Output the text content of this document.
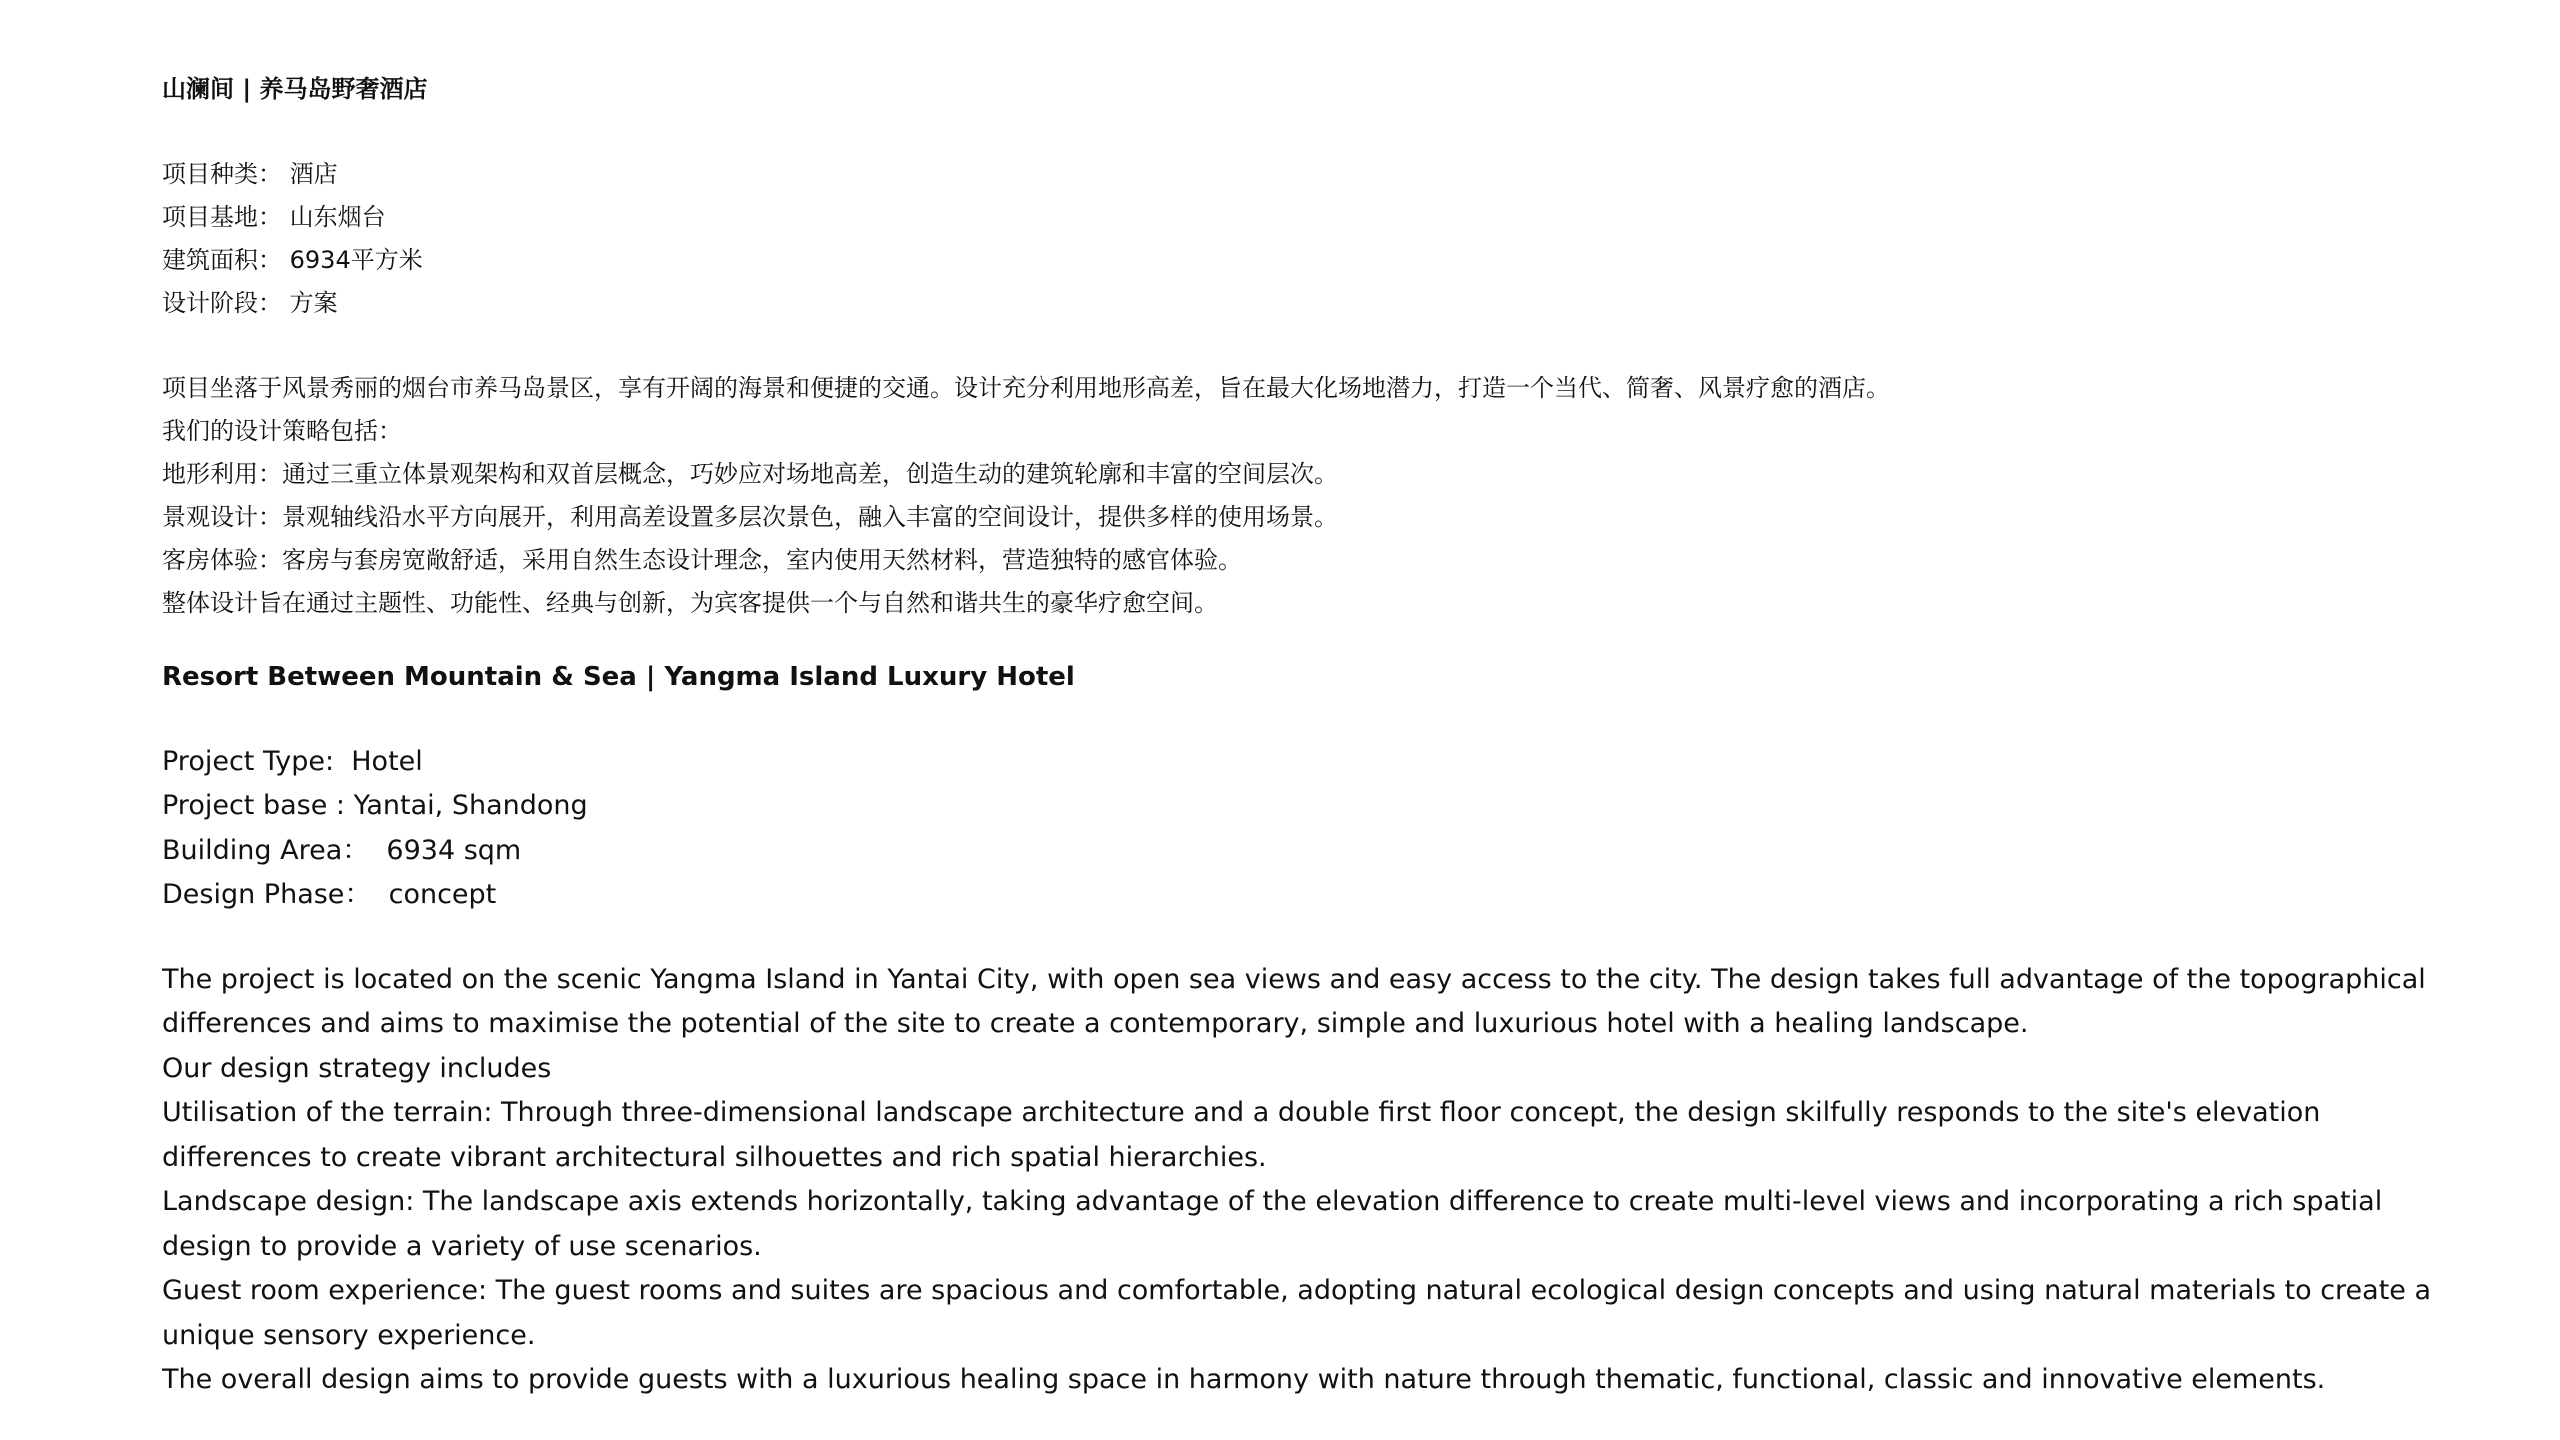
山澜间 | 养马岛野奢酒店

项目种类： 酒店
项目基地： 山东烟台
建筑面积： 6934平方米
设计阶段： 方案
项目坐落于风景秀丽的烟台市养马岛景区，享有开阔的海景和便捷的交通。设计充分利用地形高差，旨在最大化场地潜力，打造一个当代、简奢、风景疗愈的酒店。
我们的设计策略包括：
地形利用：通过三重立体景观架构和双首层概念，巧妙应对场地高差，创造生动的建筑轮廓和丰富的空间层次。
景观设计：景观轴线沿水平方向展开，利用高差设置多层次景色，融入丰富的空间设计，提供多样的使用场景。
客房体验：客房与套房宽敞舒适，采用自然生态设计理念，室内使用天然材料，营造独特的感官体验。
整体设计旨在通过主题性、功能性、经典与创新，为宾客提供一个与自然和谐共生的豪华疗愈空间。

Resort Between Mountain & Sea | Yangma Island Luxury Hotel

Project Type:  Hotel
Project base : Yantai, Shandong
Building Area：  6934 sqm
Design Phase：  concept
The project is located on the scenic Yangma Island in Yantai City, with open sea views and easy access to the city. The design takes full advantage of the topographical differences and aims to maximise the potential of the site to create a contemporary, simple and luxurious hotel with a healing landscape.
Our design strategy includes
Utilisation of the terrain: Through three-dimensional landscape architecture and a double first floor concept, the design skilfully responds to the site's elevation differences to create vibrant architectural silhouettes and rich spatial hierarchies.
Landscape design: The landscape axis extends horizontally, taking advantage of the elevation difference to create multi-level views and incorporating a rich spatial design to provide a variety of use scenarios.
Guest room experience: The guest rooms and suites are spacious and comfortable, adopting natural ecological design concepts and using natural materials to create a unique sensory experience.
The overall design aims to provide guests with a luxurious healing space in harmony with nature through thematic, functional, classic and innovative elements.
